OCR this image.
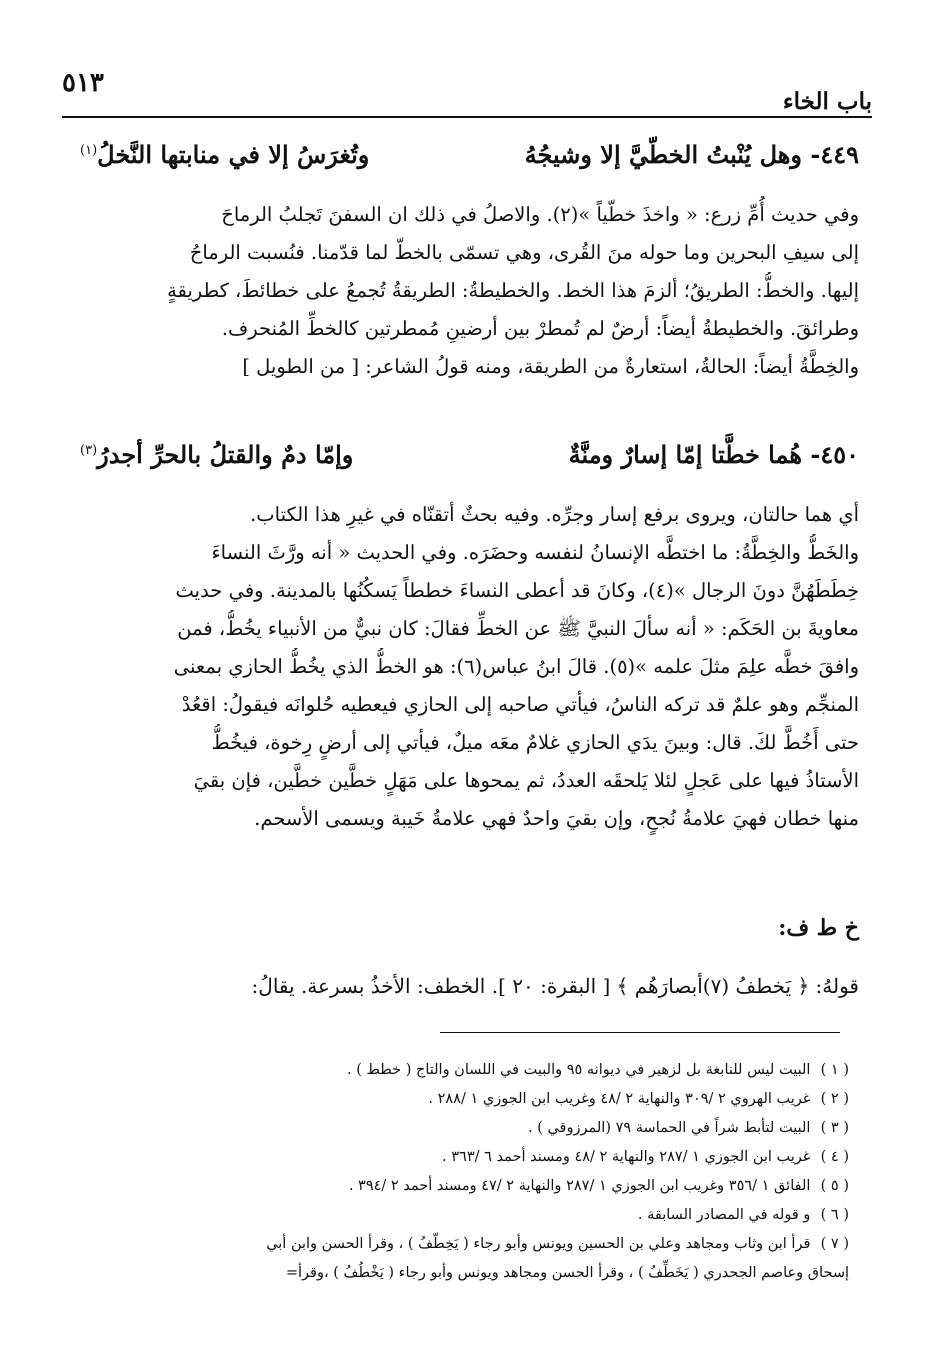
٥١٣
باب الخاء
٤٤٩- وهل يُنْبتُ الخطّيَّ إلا وشيجُهُ
وتُغرَسُ إلا في منابتها النَّخلُ$^{(١)}$
وفي حديث أُمِّ زرع: « واخذَ خطّياً »(٢). والاصلُ في ذلك ان السفنَ تَجلبُ الرماحَ
إلى سيفِ البحرين وما حوله منَ القُرى، وهي تسمّى بالخطّ لما قدّمنا. فنُسبت الرماحُ
إليها. والخطُّ: الطريقُ؛ ألزمَ هذا الخط. والخطيطةُ: الطريقةُ تُجمعُ على خطائطَ، كطريقةٍ
وطرائقَ. والخطيطةُ أيضاً: أرضٌ لم تُمطرْ بين أرضينِ مُمطرتين كالخطِّ المُنحرف.
والخِطَّةُ أيضاً: الحالةُ، استعارةٌ من الطريقة، ومنه قولُ الشاعر: [ من الطويل ]
٤٥٠- هُما خطَّتا إمّا إسارٌ ومنَّةٌ
وإمّا دمٌ والقتلُ بالحرِّ أجدرُ$^{(٣)}$
أي هما حالتان، ويروى برفع إسار وجرِّه. وفيه بحثٌ أتقنّاه في غيرِ هذا الكتاب.
والخَطُّ والخِطَّةُ: ما اختطَّه الإنسانُ لنفسه وحضَرَه. وفي الحديث « أنه ورَّثَ النساءَ
خِطَطَهُنَّ دونَ الرجال »(٤)، وكانَ قد أعطى النساءَ خططاً يَسكُنُها بالمدينة. وفي حديث
معاويةَ بن الحَكَم: « أنه سألَ النبيَّ ﷺ عن الخطِّ فقالَ: كان نبيٌّ من الأنبياء يخُطُّ، فمن
وافقَ خطَّه علِمَ مثلَ علمه »(٥). قالَ ابنُ عباس(٦): هو الخطُّ الذي يخُطُّ الحازي بمعنى
المنجِّم وهو علمٌ قد تركه الناسُ، فيأتي صاحبه إلى الحازي فيعطيه حُلوانَه فيقولُ: اقعُدْ
حتى أَخُطَّ لكَ. قال: وبينَ يدَي الحازي غلامٌ معَه ميلٌ، فيأتي إلى أرضٍ رِخوة، فيخُطُّ
الأستاذُ فيها على عَجلٍ لئلا يَلحقَه العددُ، ثم يمحوها على مَهَلٍ خطَّين خطَّين، فإن بقيَ
منها خطان فهيَ علامةُ نُجحٍ، وإن بقيَ واحدٌ فهي علامةُ خَيبة ويسمى الأسحم.
خ ط ف:
قولهُ: ﴿ يَخطفُ (٧)أبصارَهُم ﴾ [ البقرة: ٢٠ ]. الخطف: الأخذُ بسرعة. يقالُ:
( ١ ) البيت ليس للنابغة بل لزهير في ديوانه ٩٥ والبيت في اللسان والتاج ( خطط ) .
( ٢ ) غريب الهروي ٢ /٣٠٩ والنهاية ٢ /٤٨ وغريب ابن الجوزي ١ /٢٨٨ .
( ٣ ) البيت لتأبط شراً في الحماسة ٧٩ (المرزوقي ) .
( ٤ ) غريب ابن الجوزي ١ /٢٨٧ والنهاية ٢ /٤٨ ومسند أحمد ٦ /٣٦٣ .
( ٥ ) الفائق ١ /٣٥٦ وغريب ابن الجوزي ١ /٢٨٧ والنهاية ٢ /٤٧ ومسند أحمد ٢ /٣٩٤ .
( ٦ ) و قوله في المصادر السابقة .
( ٧ ) قرأ ابن وثاب ومجاهد وعلي بن الحسين ويونس وأبو رجاء ( يَخِطّفُ ) ، وقرأ الحسن وابن أبي
إسحاق وعاصم الجحدري ( يَخَطِّفُ ) ، وقرأ الحسن ومجاهد ويونس وأبو رجاء ( يَخْطُفُ ) ،وقرأ=
